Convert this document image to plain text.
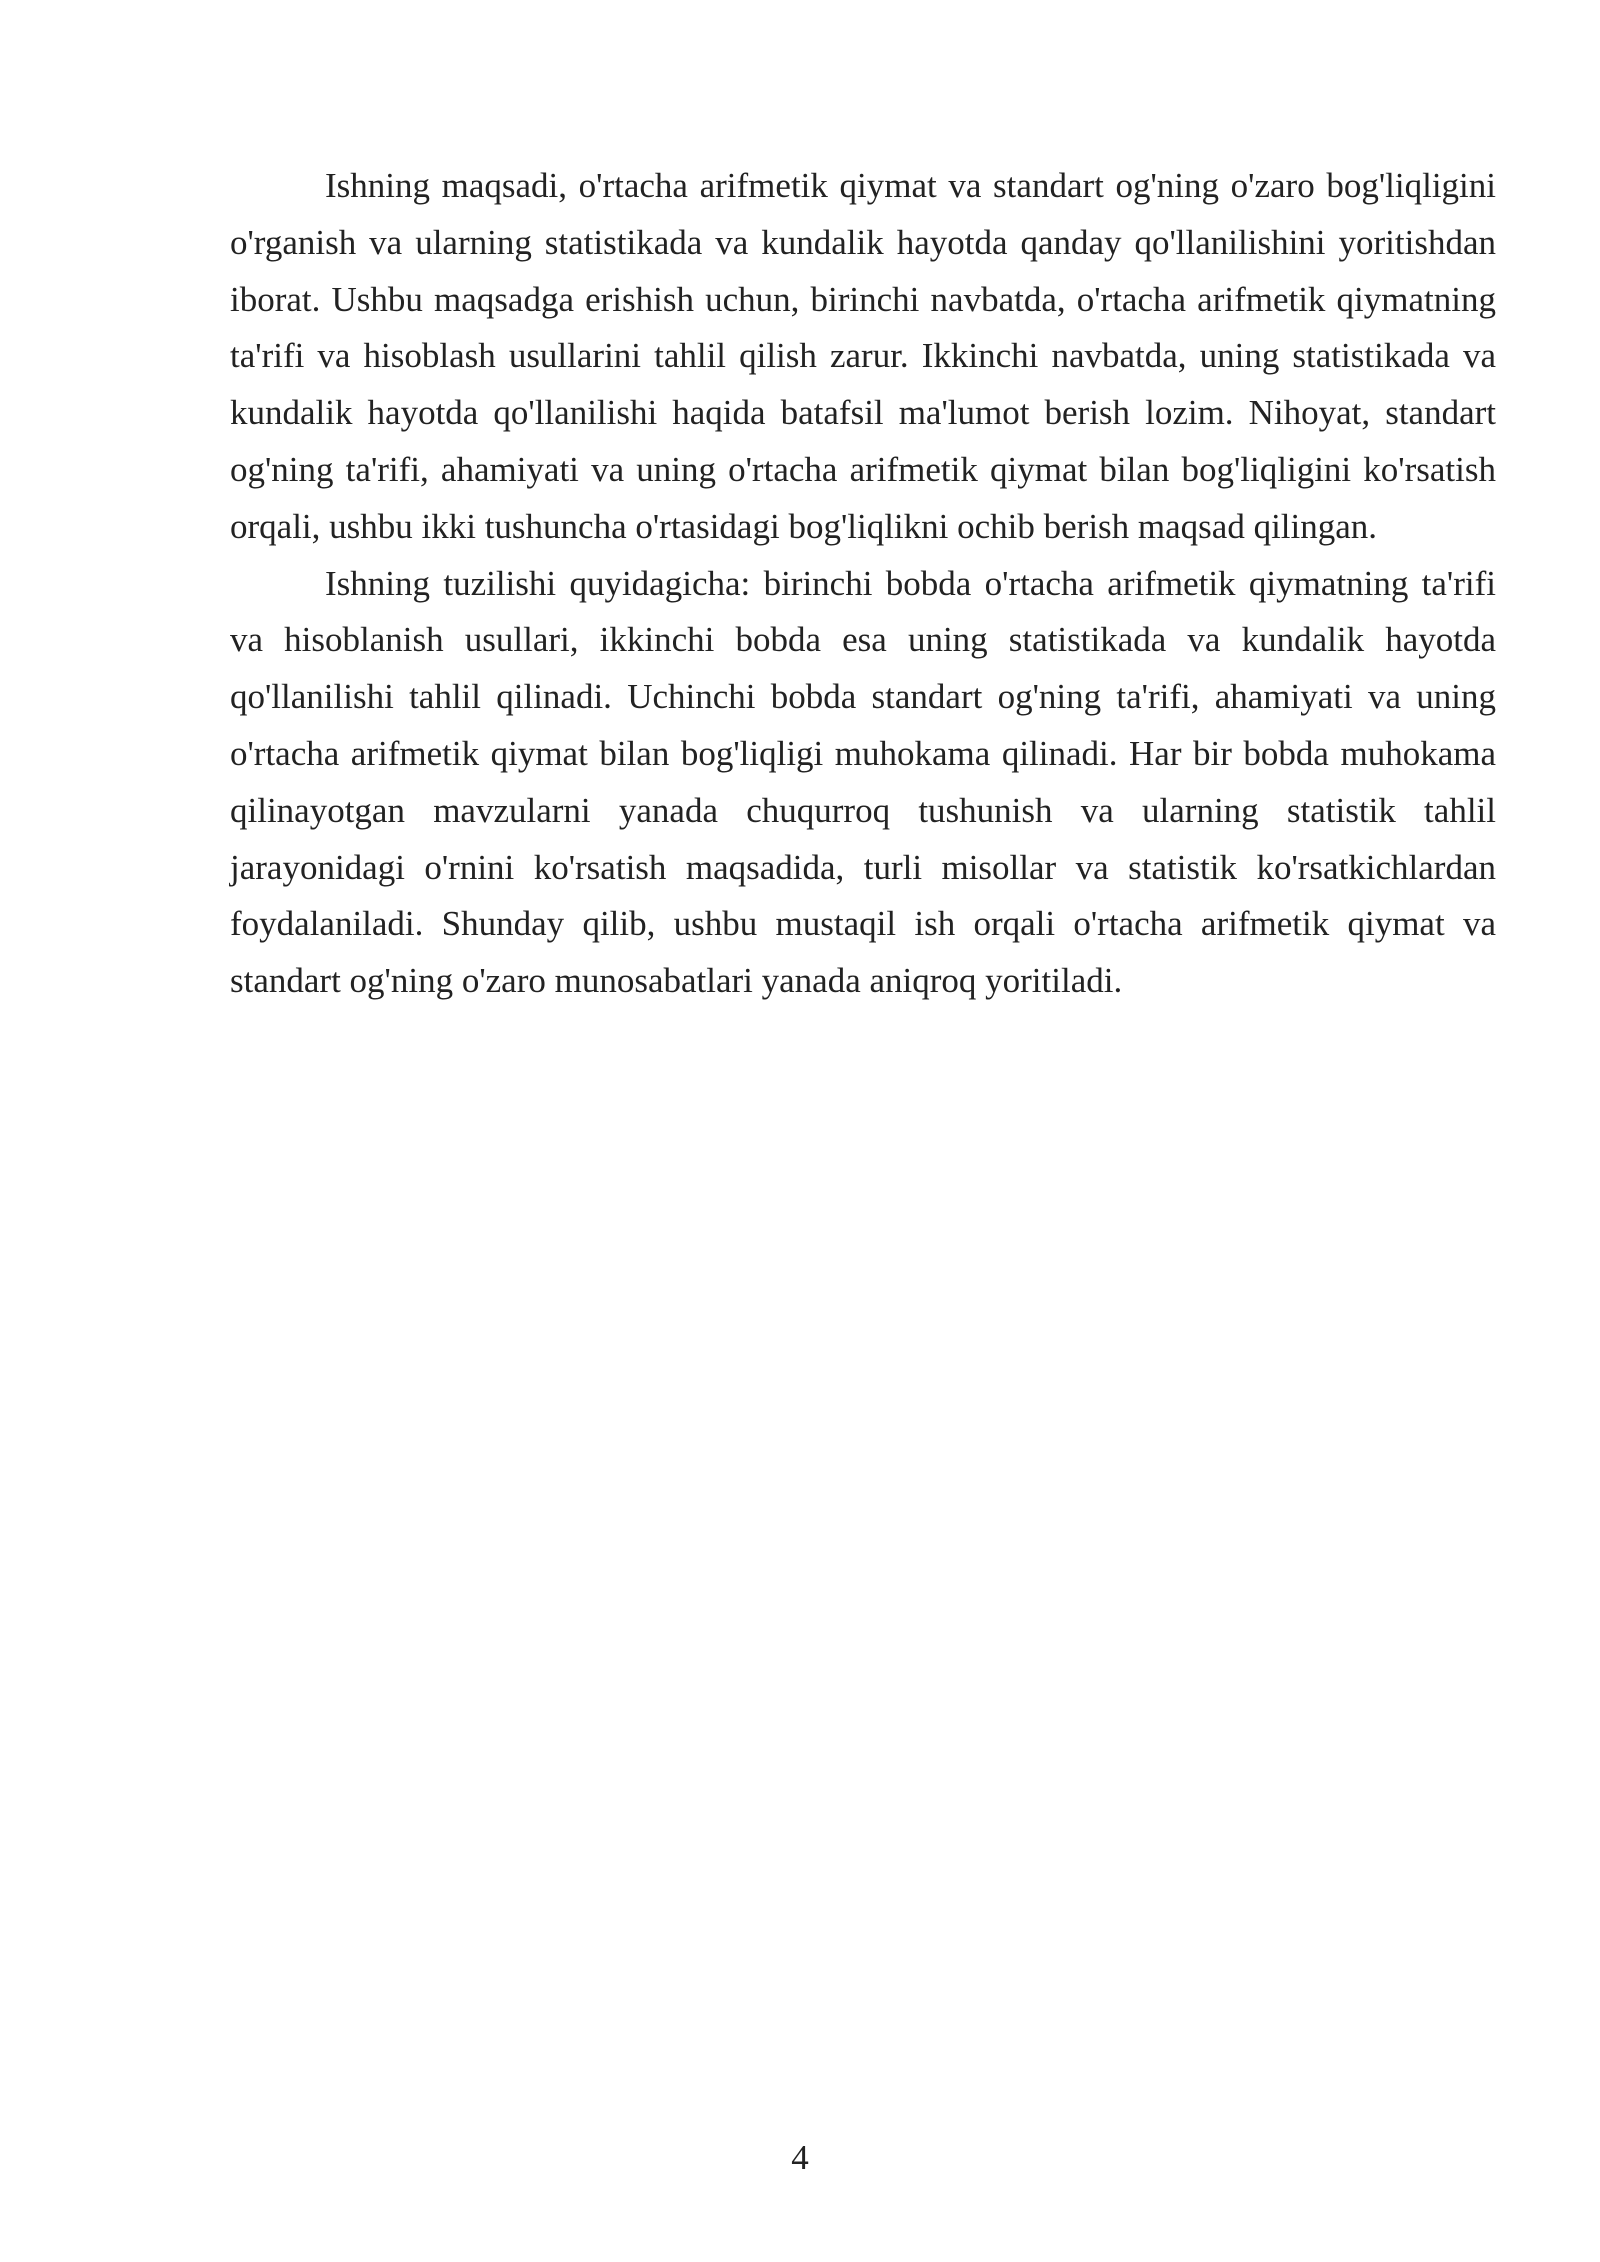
Ishning maqsadi, o'rtacha arifmetik qiymat va standart og'ning o'zaro bog'liqligini o'rganish va ularning statistikada va kundalik hayotda qanday qo'llanilishini yoritishdan iborat. Ushbu maqsadga erishish uchun, birinchi navbatda, o'rtacha arifmetik qiymatning ta'rifi va hisoblash usullarini tahlil qilish zarur. Ikkinchi navbatda, uning statistikada va kundalik hayotda qo'llanilishi haqida batafsil ma'lumot berish lozim. Nihoyat, standart og'ning ta'rifi, ahamiyati va uning o'rtacha arifmetik qiymat bilan bog'liqligini ko'rsatish orqali, ushbu ikki tushuncha o'rtasidagi bog'liqlikni ochib berish maqsad qilingan.

Ishning tuzilishi quyidagicha: birinchi bobda o'rtacha arifmetik qiymatning ta'rifi va hisoblanish usullari, ikkinchi bobda esa uning statistikada va kundalik hayotda qo'llanilishi tahlil qilinadi. Uchinchi bobda standart og'ning ta'rifi, ahamiyati va uning o'rtacha arifmetik qiymat bilan bog'liqligi muhokama qilinadi. Har bir bobda muhokama qilinayotgan mavzularni yanada chuqurroq tushunish va ularning statistik tahlil jarayonidagi o'rnini ko'rsatish maqsadida, turli misollar va statistik ko'rsatkichlardan foydalaniladi. Shunday qilib, ushbu mustaqil ish orqali o'rtacha arifmetik qiymat va standart og'ning o'zaro munosabatlari yanada aniqroq yoritiladi.

4
